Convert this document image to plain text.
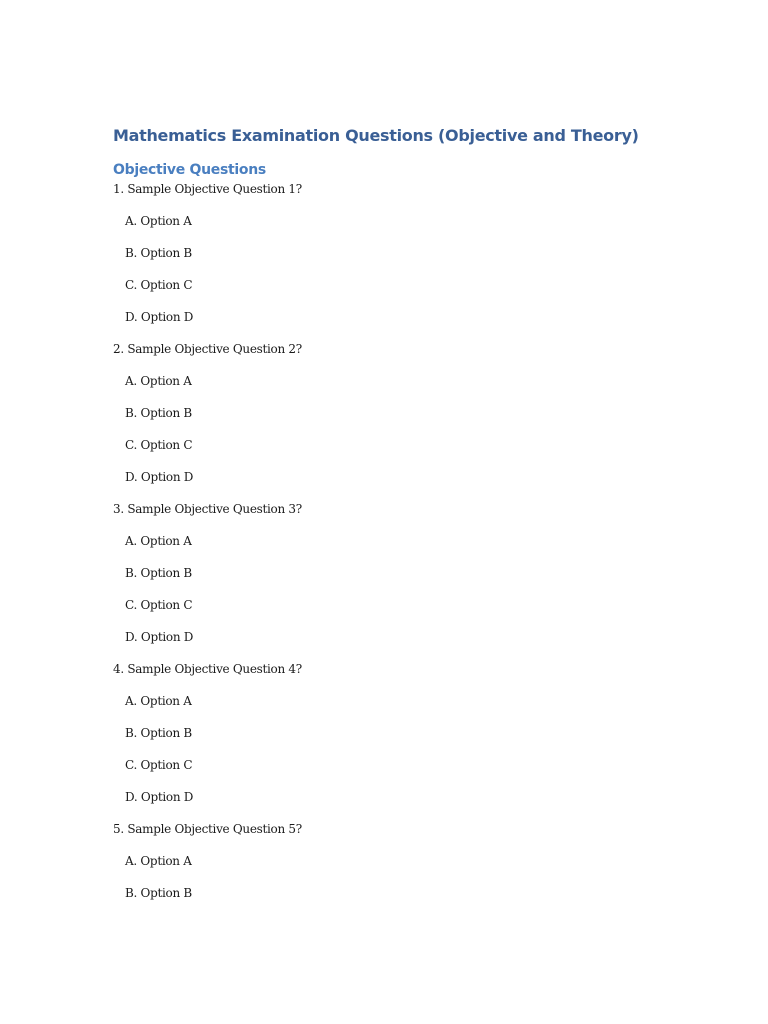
Mathematics Examination Questions (Objective and Theory)
Objective Questions
1. Sample Objective Question 1?
A. Option A
B. Option B
C. Option C
D. Option D
2. Sample Objective Question 2?
A. Option A
B. Option B
C. Option C
D. Option D
3. Sample Objective Question 3?
A. Option A
B. Option B
C. Option C
D. Option D
4. Sample Objective Question 4?
A. Option A
B. Option B
C. Option C
D. Option D
5. Sample Objective Question 5?
A. Option A
B. Option B
